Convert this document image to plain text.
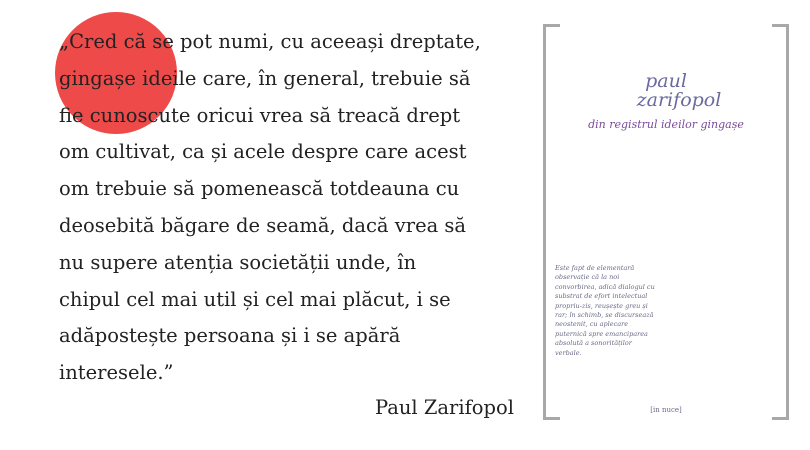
„Cred că se pot numi, cu aceeași dreptate,
gingașe ideile care, în general, trebuie să
fie cunoscute oricui vrea să treacă drept
om cultivat, ca și acele despre care acest
om trebuie să pomenească totdeauna cu
deosebită băgare de seamă, dacă vrea să
nu supere atenția societății unde, în
chipul cel mai util și cel mai plăcut, i se
adăpostește persoana și i se apără
interesele.”
Paul Zarifopol
paul
zarifopol
din registrul ideilor gingașe
Este fapt de elementară
observație că la noi
convorbirea, adică dialogul cu
substrat de efort intelectual
propriu-zis, reușește greu și
rar; în schimb, se discursează
neostenit, cu aplecare
puternică spre emanciparea
absolută a sonorităților
verbale.
[in nuce]
